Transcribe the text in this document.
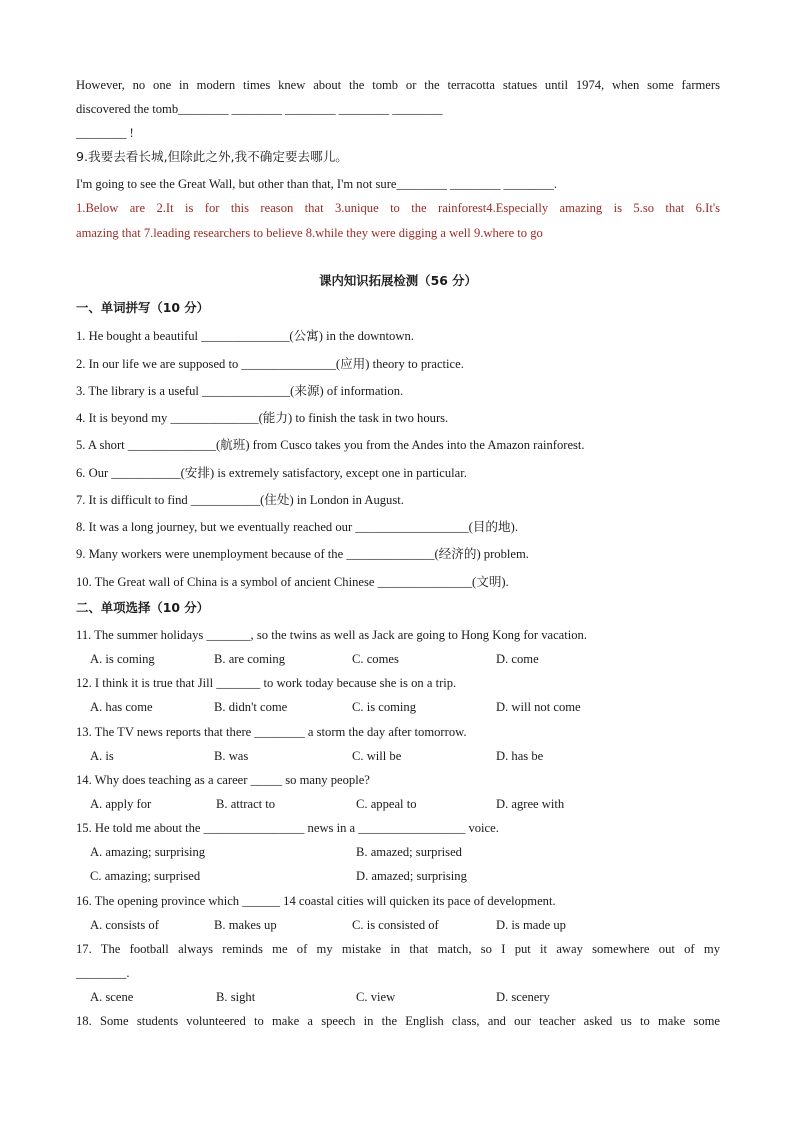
However, no one in modern times knew about the tomb or the terracotta statues until 1974, when some farmers
discovered the tomb________ ________ ________ ________ ________
________ !
9.我要去看长城,但除此之外,我不确定要去哪儿。
I'm going to see the Great Wall, but other than that, I'm not sure________ ________ ________.
1.Below are 2.It is for this reason that 3.unique to the rainforest4.Especially amazing is 5.so that 6.It's
amazing that 7.leading researchers to believe 8.while they were digging a well 9.where to go
课内知识拓展检测（56 分）
一、单词拼写（10 分）
1. He bought a beautiful ______________(公寓) in the downtown.
2. In our life we are supposed to _______________(应用) theory to practice.
3. The library is a useful ______________(来源) of information.
4. It is beyond my ______________(能力) to finish the task in two hours.
5. A short ______________(航班) from Cusco takes you from the Andes into the Amazon rainforest.
6. Our ___________(安排) is extremely satisfactory, except one in particular.
7. It is difficult to find ___________(住处) in London in August.
8. It was a long journey, but we eventually reached our __________________(目的地).
9. Many workers were unemployment because of the ______________(经济的) problem.
10. The Great wall of China is a symbol of ancient Chinese _______________(文明).
二、单项选择（10 分）
11. The summer holidays _______, so the twins as well as Jack are going to Hong Kong for vacation.
A. is coming	B. are coming	C. comes	D. come
12. I think it is true that Jill _______ to work today because she is on a trip.
A. has come	B. didn't come	C. is coming	D. will not come
13. The TV news reports that there ________ a storm the day after tomorrow.
A. is	B. was	C. will be	D. has be
14. Why does teaching as a career _____ so many people?
A. apply for	B. attract to	C. appeal to	D. agree with
15. He told me about the ________________ news in a _________________ voice.
A. amazing; surprising	B. amazed; surprised
C. amazing; surprised	D. amazed; surprising
16. The opening province which ______ 14 coastal cities will quicken its pace of development.
A. consists of	B. makes up	C. is consisted of	D. is made up
17. The football always reminds me of my mistake in that match, so I put it away somewhere out of my
________.
A. scene	B. sight	C. view	D. scenery
18. Some students volunteered to make a speech in the English class, and our teacher asked us to make some
